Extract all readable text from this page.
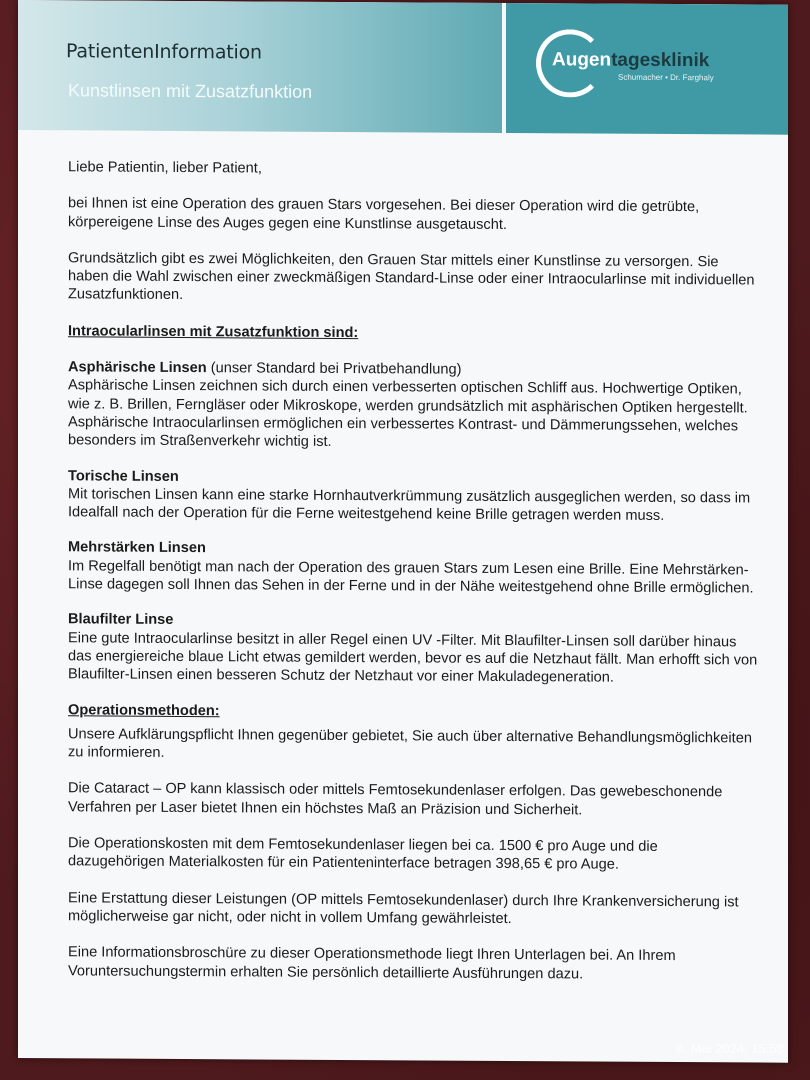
PatientenInformation
Kunstlinsen mit Zusatzfunktion
Augentagesklinik
Schumacher • Dr. Farghaly

Liebe Patientin, lieber Patient,

bei Ihnen ist eine Operation des grauen Stars vorgesehen. Bei dieser Operation wird die getrübte, körpereigene Linse des Auges gegen eine Kunstlinse ausgetauscht.

Grundsätzlich gibt es zwei Möglichkeiten, den Grauen Star mittels einer Kunstlinse zu versorgen. Sie haben die Wahl zwischen einer zweckmäßigen Standard-Linse oder einer Intraocularlinse mit individuellen Zusatzfunktionen.

Intraocularlinsen mit Zusatzfunktion sind:
Asphärische Linsen (unser Standard bei Privatbehandlung)
Asphärische Linsen zeichnen sich durch einen verbesserten optischen Schliff aus. Hochwertige Optiken, wie z. B. Brillen, Ferngläser oder Mikroskope, werden grundsätzlich mit asphärischen Optiken hergestellt. Asphärische Intraocularlinsen ermöglichen ein verbessertes Kontrast- und Dämmerungssehen, welches besonders im Straßenverkehr wichtig ist.
Torische Linsen
Mit torischen Linsen kann eine starke Hornhautverkrümmung zusätzlich ausgeglichen werden, so dass im Idealfall nach der Operation für die Ferne weitestgehend keine Brille getragen werden muss.
Mehrstärken Linsen
Im Regelfall benötigt man nach der Operation des grauen Stars zum Lesen eine Brille. Eine Mehrstärken-Linse dagegen soll Ihnen das Sehen in der Ferne und in der Nähe weitestgehend ohne Brille ermöglichen.
Blaufilter Linse
Eine gute Intraocularlinse besitzt in aller Regel einen UV -Filter. Mit Blaufilter-Linsen soll darüber hinaus das energiereiche blaue Licht etwas gemildert werden, bevor es auf die Netzhaut fällt. Man erhofft sich von Blaufilter-Linsen einen besseren Schutz der Netzhaut vor einer Makuladegeneration.
Operationsmethoden:

Unsere Aufklärungspflicht Ihnen gegenüber gebietet, Sie auch über alternative Behandlungsmöglichkeiten zu informieren.

Die Cataract – OP kann klassisch oder mittels Femtosekundenlaser erfolgen. Das gewebeschonende Verfahren per Laser bietet Ihnen ein höchstes Maß an Präzision und Sicherheit.

Die Operationskosten mit dem Femtosekundenlaser liegen bei ca. 1500 € pro Auge und die dazugehörigen Materialkosten für ein Patienteninterface betragen 398,65 € pro Auge.

Eine Erstattung dieser Leistungen (OP mittels Femtosekundenlaser) durch Ihre Krankenversicherung ist möglicherweise gar nicht, oder nicht in vollem Umfang gewährleistet.

Eine Informationsbroschüre zu dieser Operationsmethode liegt Ihren Unterlagen bei. An Ihrem Voruntersuchungstermin erhalten Sie persönlich detaillierte Ausführungen dazu.

8. Mai 2024, 15:58
